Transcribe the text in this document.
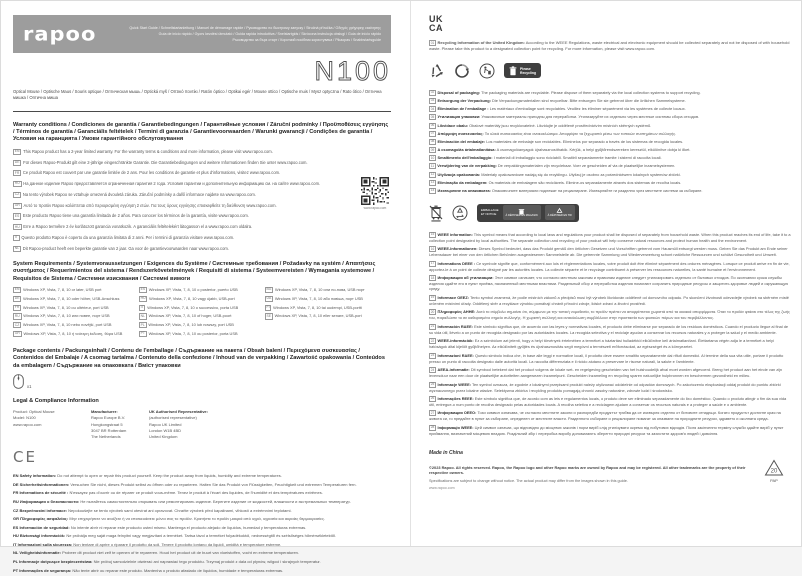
rapoo	Quick Start Guide / Schnellstartanleitung / Manuel de démarrage rapide / Руководство по быстрому запуску / Stručná příručka / Οδηγός γρήγορης εκκίνησης
Guía de inicio rápido / Gyors kezdési útmutató / Guida rapida introduttiva / Snelstartgids / Skrócona instrukcja obsługi / Guia de início rápido
Ръководство за бърз старт / Короткий посібник користувача / Pikaopas / Snabbstartsguide
N100
Optical Mouse / Optische Maus / Souris optique / Оптическая мышь / Optická myš / Οπτικό ποντίκι / Ratón óptico / Optikai egér / Mouse ottico / Optische muis / Mysz optyczna / Rato ótico / Оптична мишка / Оптична миша
Warranty conditions / Condiciones de garantía / Garantiebedingungen / Гарантийные условия / Záruční podmínky / Προϋποθέσεις εγγύησης / Términos de garantía / Garanciális feltételek / Termini di garanzia / Garantievoorwaarden / Warunki gwarancji / Condições de garantia / Условия на гаранцията / Умови гарантійного обслуговування
EN This Rapoo product has a 2-year limited warranty. For the warranty terms & conditions and more information, please visit www.rapoo.com.
DE Für dieses Rapoo-Produkt gilt eine 2-jährige eingeschränkte Garantie. Die Garantiebedingungen und weitere Informationen finden Sie unter www.rapoo.com.
FR Ce produit Rapoo est couvert par une garantie limitée de 2 ans. Pour les conditions de garantie et plus d'informations, visitez www.rapoo.com.
RU На данное изделие Rapoo предоставляется ограниченная гарантия 2 года. Условия гарантии и дополнительную информацию см. на сайте www.rapoo.com.
CZ Na tento výrobek Rapoo se vztahuje omezená dvouletá záruka. Záruční podmínky a další informace najdete na www.rapoo.com.
GR Αυτό το προϊόν Rapoo καλύπτεται από περιορισμένη εγγύηση 2 ετών. Για τους όρους εγγύησης επισκεφθείτε τη διεύθυνση www.rapoo.com.
ES Este producto Rapoo tiene una garantía limitada de 2 años. Para conocer los términos de la garantía, visite www.rapoo.com.
HU Erre a Rapoo termékre 2 év korlátozott garancia vonatkozik. A garanciális feltételekért látogasson el a www.rapoo.com oldalra.
IT Questo prodotto Rapoo è coperto da una garanzia limitata di 2 anni. Per i termini di garanzia visitare www.rapoo.com.
NL Dit Rapoo-product heeft een beperkte garantie van 2 jaar. Ga voor de garantievoorwaarden naar www.rapoo.com.
www.rapoo.com
System Requirements / Systemvoraussetzungen / Exigences du Système / Системные требования / Požadavky na systém / Απαιτήσεις συστήματος / Requerimientos del sistema / Rendszerkövetelmények / Requisiti di sistema / Systeemvereisten / Wymagania systemowe / Requisitos de Sistema / Системни изисквания / Системні вимоги
EN Windows XP, Vista, 7, 8, 10 or later, USB port
DE Windows XP, Vista, 7, 8, 10 oder höher, USB-Anschluss
FR Windows XP, Vista, 7, 8, 10 ou ultérieur, port USB
RU Windows XP, Vista, 7, 8, 10 или новее, порт USB
CZ Windows XP, Vista, 7, 8, 10 nebo novější, port USB
GR Windows XP, Vista, 7, 8, 10 ή νεότερη έκδοση, θύρα USB
ES Windows XP, Vista, 7, 8, 10 o posterior, puerto USB
HU Windows XP, Vista, 7, 8, 10 vagy újabb, USB-port
IT Windows XP, Vista, 7, 8, 10 o successivo, porta USB
NL Windows XP, Vista, 7, 8, 10 of hoger, USB-poort
PL Windows XP, Vista, 7, 8, 10 lub nowszy, port USB
PT Windows XP, Vista, 7, 8, 10 ou posterior, porta USB
BG Windows XP, Vista, 7, 8, 10 или по-нова, USB порт
UA Windows XP, Vista, 7, 8, 10 або новіша, порт USB
FI Windows XP, Vista, 7, 8, 10 tai uudempi, USB-portti
SE Windows XP, Vista, 7, 8, 10 eller senare, USB-port
Package contents / Packungsinhalt / Contenu de l'emballage / Съдържание на пакета / Obsah balení / Περιεχόμενα συσκευασίας / Contenidos del Embalaje / A csomag tartalma / Contenuto della confezione / Inhoud van de verpakking / Zawartość opakowania / Conteúdos da embalagem / Съдържание на опаковката / Вміст упаковки
x1
Legal & Compliance Information
Product: Optical Mouse
Model: N100
www.rapoo.com
Manufacturer:
Rapoo Europe B.V.
Hongkongstraat 5
3047 BR Rotterdam
The Netherlands
UK Authorised Representative:
(authorised representative)
Rapoo UK Limited
London W1B 4BD
United Kingdom
CE
EN Safety information: Do not attempt to open or repair this product yourself. Keep the product away from liquids, humidity and extreme temperatures.
DE Sicherheitsinformationen: Versuchen Sie nicht, dieses Produkt selbst zu öffnen oder zu reparieren. Halten Sie das Produkt von Flüssigkeiten, Feuchtigkeit und extremen Temperaturen fern.
FR Informations de sécurité : N'essayez pas d'ouvrir ou de réparer ce produit vous-même. Tenez le produit à l'écart des liquides, de l'humidité et des températures extrêmes.
RU Информация о безопасности: Не пытайтесь самостоятельно открывать или ремонтировать изделие. Берегите изделие от жидкостей, влажности и экстремальных температур.
CZ Bezpečnostní informace: Nepokoušejte se tento výrobek sami otevírat ani opravovat. Chraňte výrobek před kapalinami, vlhkostí a extrémními teplotami.
GR Πληροφορίες ασφαλείας: Μην επιχειρήσετε να ανοίξετε ή να επισκευάσετε μόνοι σας το προϊόν. Κρατήστε το προϊόν μακριά από υγρά, υγρασία και ακραίες θερμοκρασίες.
ES Información de seguridad: No intente abrir ni reparar este producto usted mismo. Mantenga el producto alejado de líquidos, humedad y temperaturas extremas.
HU Biztonsági információk: Ne próbálja meg saját maga felnyitni vagy megjavítani a terméket. Tartsa távol a terméket folyadékoktól, nedvességtől és szélsőséges hőmérsékletektől.
IT Informazioni sulla sicurezza: Non tentare di aprire o riparare il prodotto da soli. Tenere il prodotto lontano da liquidi, umidità e temperature estreme.
NL Veiligheidsinformatie: Probeer dit product niet zelf te openen of te repareren. Houd het product uit de buurt van vloeistoffen, vocht en extreme temperaturen.
PL Informacje dotyczące bezpieczeństwa: Nie próbuj samodzielnie otwierać ani naprawiać tego produktu. Trzymaj produkt z dala od płynów, wilgoci i skrajnych temperatur.
PT Informações de segurança: Não tente abrir ou reparar este produto. Mantenha o produto afastado de líquidos, humidade e temperaturas extremas.
UK
CA
01 Recycling Information of the United Kingdom: According to the WEEE Regulations, waste electrical and electronic equipment should be collected separately and not be disposed of with household waste. Please take this product to a designated collection point for recycling. For more information, please visit www.rapoo.com.
Please
Recycling
02 Disposal of packaging: The packaging materials are recyclable. Please dispose of them separately via the local collection systems to support recycling.
03 Entsorgung der Verpackung: Die Verpackungsmaterialien sind recycelbar. Bitte entsorgen Sie sie getrennt über die örtlichen Sammelsysteme.
04 Élimination de l'emballage : Les matériaux d'emballage sont recyclables. Veuillez les éliminer séparément via les systèmes de collecte locaux.
05 Утилизация упаковки: Упаковочные материалы пригодны для переработки. Утилизируйте их отдельно через местные системы сбора отходов.
06 Likvidace obalu: Obalové materiály jsou recyklovatelné. Likvidujte je odděleně prostřednictvím místních sběrných systémů.
07 Απόρριψη συσκευασίας: Τα υλικά συσκευασίας είναι ανακυκλώσιμα. Απορρίψτε τα ξεχωριστά μέσω των τοπικών συστημάτων συλλογής.
08 Eliminación del embalaje: Los materiales de embalaje son reciclables. Elimínelos por separado a través de los sistemas de recogida locales.
09 A csomagolás ártalmatlanítása: A csomagolóanyagok újrahasznosíthatók. Kérjük, a helyi gyűjtőrendszereken keresztül, elkülönítve dobja ki őket.
10 Smaltimento dell'imballaggio: I materiali di imballaggio sono riciclabili. Smaltirli separatamente tramite i sistemi di raccolta locali.
11 Verwijdering van de verpakking: De verpakkingsmaterialen zijn recyclebaar. Voer ze gescheiden af via de plaatselijke inzamelsystemen.
12 Utylizacja opakowania: Materiały opakowaniowe nadają się do recyklingu. Utylizuj je osobno za pośrednictwem lokalnych systemów zbiórki.
13 Eliminação da embalagem: Os materiais de embalagem são recicláveis. Elimine-os separadamente através dos sistemas de recolha locais.
14 Изхвърляне на опаковката: Опаковъчните материали подлежат на рециклиране. Изхвърляйте ги разделно чрез местните системи за събиране.
EMBALLAGE
ET NOTICE	À DÉPOSER EN MAGASIN	À DÉPOSER EN TRI
15 WEEE information: This symbol means that according to local laws and regulations your product shall be disposed of separately from household waste. When this product reaches its end of life, take it to a collection point designated by local authorities. The separate collection and recycling of your product will help conserve natural resources and protect human health and the environment.
16 WEEE-Informationen: Dieses Symbol bedeutet, dass das Produkt gemäß den örtlichen Gesetzen und Vorschriften getrennt vom Hausmüll entsorgt werden muss. Geben Sie das Produkt am Ende seiner Lebensdauer bei einer von den örtlichen Behörden ausgewiesenen Sammelstelle ab. Die getrennte Sammlung und Wiederverwertung schont natürliche Ressourcen und schützt Gesundheit und Umwelt.
17 Informations DEEE : Ce symbole signifie que, conformément aux lois et réglementations locales, votre produit doit être éliminé séparément des ordures ménagères. Lorsque ce produit arrive en fin de vie, apportez-le à un point de collecte désigné par les autorités locales. La collecte séparée et le recyclage contribuent à préserver les ressources naturelles, la santé humaine et l'environnement.
18 Информация об утилизации: Этот символ означает, что согласно местным законам и правилам изделие следует утилизировать отдельно от бытовых отходов. По окончании срока службы изделия сдайте его в пункт приёма, назначенный местными властями. Раздельный сбор и переработка изделия помогают сохранить природные ресурсы и защитить здоровье людей и окружающую среду.
19 Informace OEEZ: Tento symbol znamená, že podle místních zákonů a předpisů musí být výrobek likvidován odděleně od domovního odpadu. Po skončení životnosti odevzdejte výrobek na sběrném místě určeném místními úřady. Oddělený sběr a recyklace výrobku pomáhají chránit přírodní zdroje, lidské zdraví a životní prostředí.
20 Πληροφορίες ΑΗΗΕ: Αυτό το σύμβολο σημαίνει ότι, σύμφωνα με την τοπική νομοθεσία, το προϊόν πρέπει να απορρίπτεται χωριστά από τα οικιακά απορρίμματα. Όταν το προϊόν φτάσει στο τέλος της ζωής του, παραδώστε το σε καθορισμένο σημείο συλλογής. Η χωριστή συλλογή και ανακύκλωση συμβάλλουν στην προστασία των φυσικών πόρων και του περιβάλλοντος.
21 Información RAEE: Este símbolo significa que, de acuerdo con las leyes y normativas locales, el producto debe eliminarse por separado de los residuos domésticos. Cuando el producto llegue al final de su vida útil, llévelo a un punto de recogida designado por las autoridades locales. La recogida selectiva y el reciclaje ayudan a conservar los recursos naturales y a proteger la salud y el medio ambiente.
22 WEEE-információk: Ez a szimbólum azt jelenti, hogy a helyi törvények értelmében a terméket a háztartási hulladéktól elkülönítve kell ártalmatlanítani. Élettartama végén adja le a terméket a helyi hatóságok által kijelölt gyűjtőhelyen. Az elkülönített gyűjtés és újrahasznosítás segít megóvni a természeti erőforrásokat, az egészséget és a környezetet.
23 Informazioni RAEE: Questo simbolo indica che, in base alle leggi e normative locali, il prodotto deve essere smaltito separatamente dai rifiuti domestici. Al termine della sua vita utile, portare il prodotto presso un punto di raccolta designato dalle autorità locali. La raccolta differenziata e il riciclo aiutano a preservare le risorse naturali, la salute e l'ambiente.
24 AEEA-informatie: Dit symbool betekent dat het product volgens de lokale wet- en regelgeving gescheiden van het huishoudelijk afval moet worden afgevoerd. Breng het product aan het einde van zijn levensduur naar een door de plaatselijke autoriteiten aangewezen inzamelpunt. Gescheiden inzameling en recycling sparen natuurlijke hulpbronnen en beschermen gezondheid en milieu.
25 Informacje WEEE: Ten symbol oznacza, że zgodnie z lokalnymi przepisami produkt należy utylizować oddzielnie od odpadów domowych. Po zakończeniu eksploatacji oddaj produkt do punktu zbiórki wyznaczonego przez lokalne władze. Selektywna zbiórka i recykling produktu pomagają chronić zasoby naturalne, zdrowie ludzi i środowisko.
26 Informações REEE: Este símbolo significa que, de acordo com as leis e regulamentos locais, o produto deve ser eliminado separadamente do lixo doméstico. Quando o produto atingir o fim da sua vida útil, entregue-o num ponto de recolha designado pelas autoridades locais. A recolha seletiva e a reciclagem ajudam a conservar os recursos naturais e a proteger a saúde e o ambiente.
27 Информация ОЕЕО: Този символ означава, че съгласно местните закони и разпоредби продуктът трябва да се изхвърля отделно от битовите отпадъци. Когато продуктът достигне края на живота си, го предайте в пункт за събиране, определен от местните власти. Разделното събиране и рециклиране помагат за опазване на природните ресурси, здравето и околната среда.
28 Інформація WEEE: Цей символ означає, що відповідно до місцевих законів і норм виріб слід утилізувати окремо від побутових відходів. Після закінчення терміну служби здайте виріб у пункт приймання, визначений місцевою владою. Роздільний збір і переробка виробу допомагають зберегти природні ресурси та захистити здоров'я людей і довкілля.
Made in China
©2023 Rapoo. All rights reserved. Rapoo, the Rapoo logo and other Rapoo marks are owned by Rapoo and may be registered. All other trademarks are the property of their respective owners.
Specifications are subject to change without notice. The actual product may differ from the images shown in this guide.
www.rapoo.com
20
PAP
